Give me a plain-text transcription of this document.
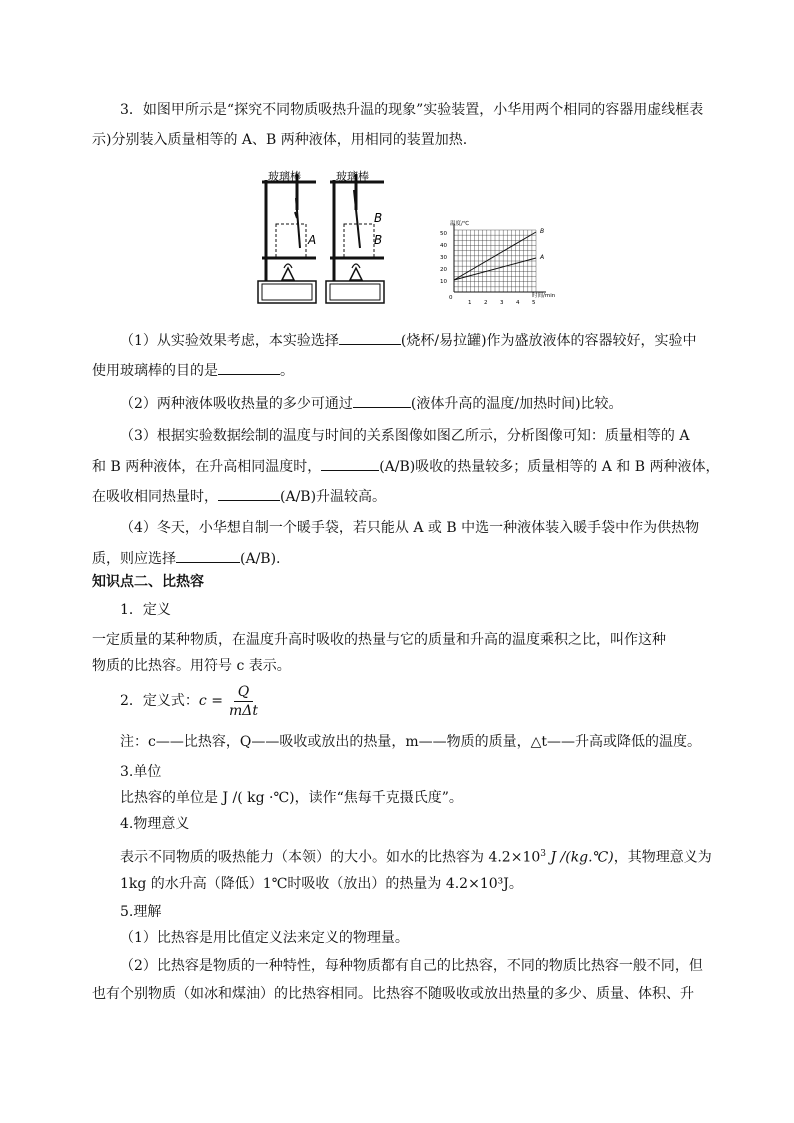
3．如图甲所示是“探究不同物质吸热升温的现象”实验装置，小华用两个相同的容器用虚线框表
示)分别装入质量相等的 A、B 两种液体，用相同的装置加热.
玻璃棒	玻璃棒
A
B
B
温度/℃
时间/min
50
40
30
20
10
0
1 2 3 4 5
B
A
（1）从实验效果考虑，本实验选择	(烧杯/易拉罐)作为盛放液体的容器较好，实验中
使用玻璃棒的目的是	。
（2）两种液体吸收热量的多少可通过	(液体升高的温度/加热时间)比较。
（3）根据实验数据绘制的温度与时间的关系图像如图乙所示，分析图像可知：质量相等的 A
和 B 两种液体，在升高相同温度时，	(A/B)吸收的热量较多；质量相等的 A 和 B 两种液体，
在吸收相同热量时，	(A/B)升温较高。
（4）冬天，小华想自制一个暖手袋，若只能从 A 或 B 中选一种液体装入暖手袋中作为供热物
质，则应选择	(A/B).
知识点二、比热容
1．定义
一定质量的某种物质，在温度升高时吸收的热量与它的质量和升高的温度乘积之比，叫作这种
物质的比热容。用符号 c 表示。
2．定义式：$c = \frac{Q}{\text{mΔt}}$
注：c——比热容，Q——吸收或放出的热量，m——物质的质量，△t——升高或降低的温度。
3.单位
比热容的单位是 J /( kg ·℃)，读作“焦每千克摄氏度”。
4.物理意义
表示不同物质的吸热能力（本领）的大小。如水的比热容为 $4.2\times 10^3$ J /(kg.℃)，其物理意义为
1kg 的水升高（降低）1℃时吸收（放出）的热量为 4.2×10³J。
5.理解
（1）比热容是用比值定义法来定义的物理量。
（2）比热容是物质的一种特性，每种物质都有自己的比热容，不同的物质比热容一般不同，但
也有个别物质（如冰和煤油）的比热容相同。比热容不随吸收或放出热量的多少、质量、体积、升
